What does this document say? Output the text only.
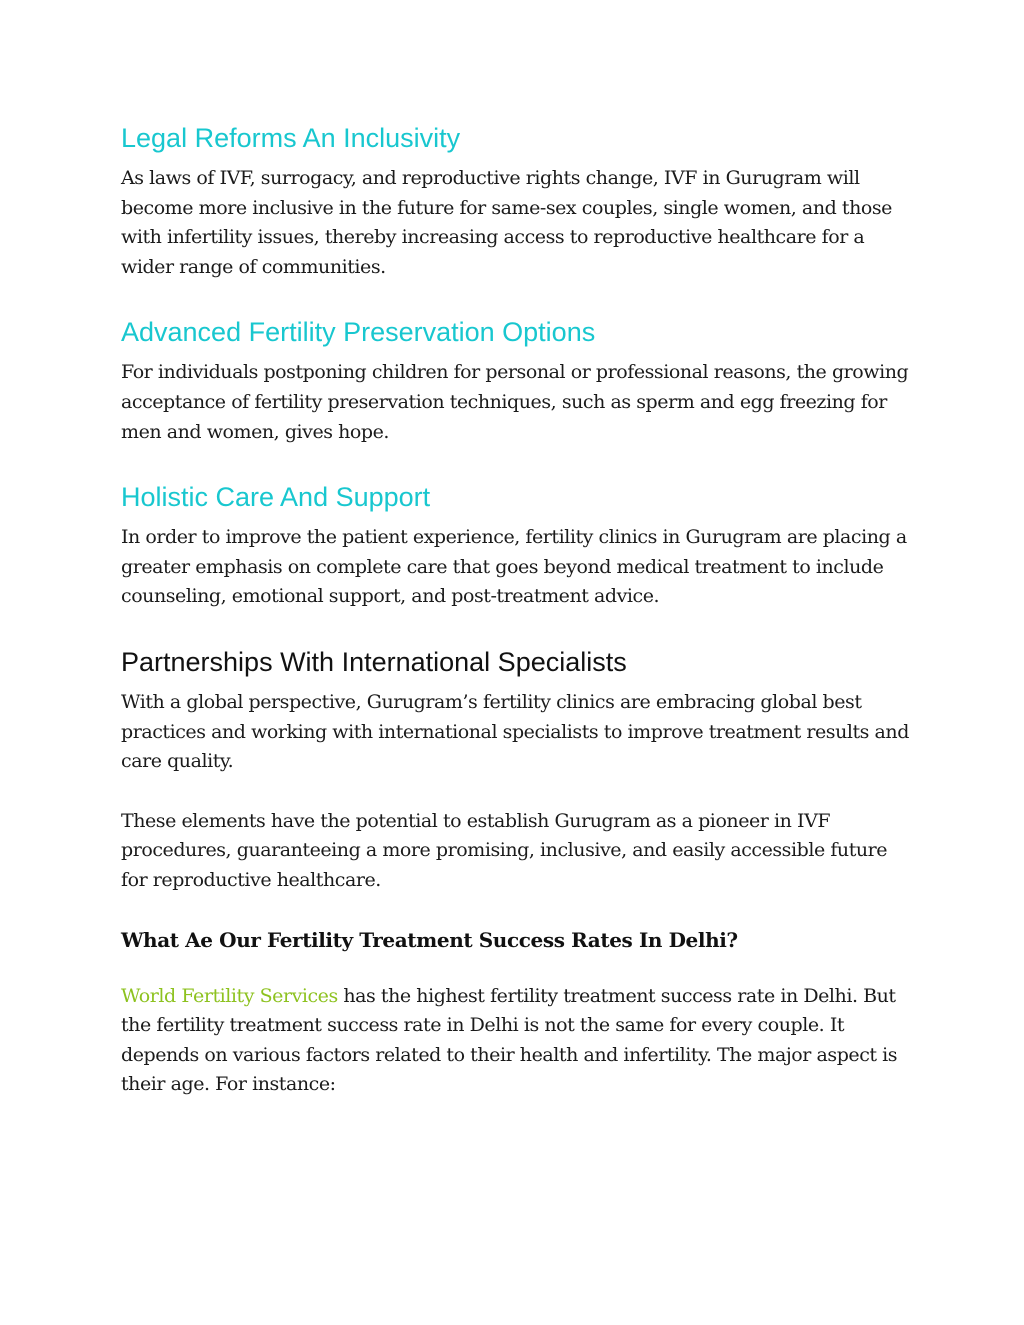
Legal Reforms An Inclusivity

As laws of IVF, surrogacy, and reproductive rights change, IVF in Gurugram will become more inclusive in the future for same-sex couples, single women, and those with infertility issues, thereby increasing access to reproductive healthcare for a wider range of communities.

Advanced Fertility Preservation Options

For individuals postponing children for personal or professional reasons, the growing acceptance of fertility preservation techniques, such as sperm and egg freezing for men and women, gives hope.

Holistic Care And Support

In order to improve the patient experience, fertility clinics in Gurugram are placing a greater emphasis on complete care that goes beyond medical treatment to include counseling, emotional support, and post-treatment advice.

Partnerships With International Specialists

With a global perspective, Gurugram’s fertility clinics are embracing global best practices and working with international specialists to improve treatment results and care quality.

These elements have the potential to establish Gurugram as a pioneer in IVF procedures, guaranteeing a more promising, inclusive, and easily accessible future for reproductive healthcare.

What Ae Our Fertility Treatment Success Rates In Delhi?

World Fertility Services has the highest fertility treatment success rate in Delhi. But the fertility treatment success rate in Delhi is not the same for every couple. It depends on various factors related to their health and infertility. The major aspect is their age. For instance:
